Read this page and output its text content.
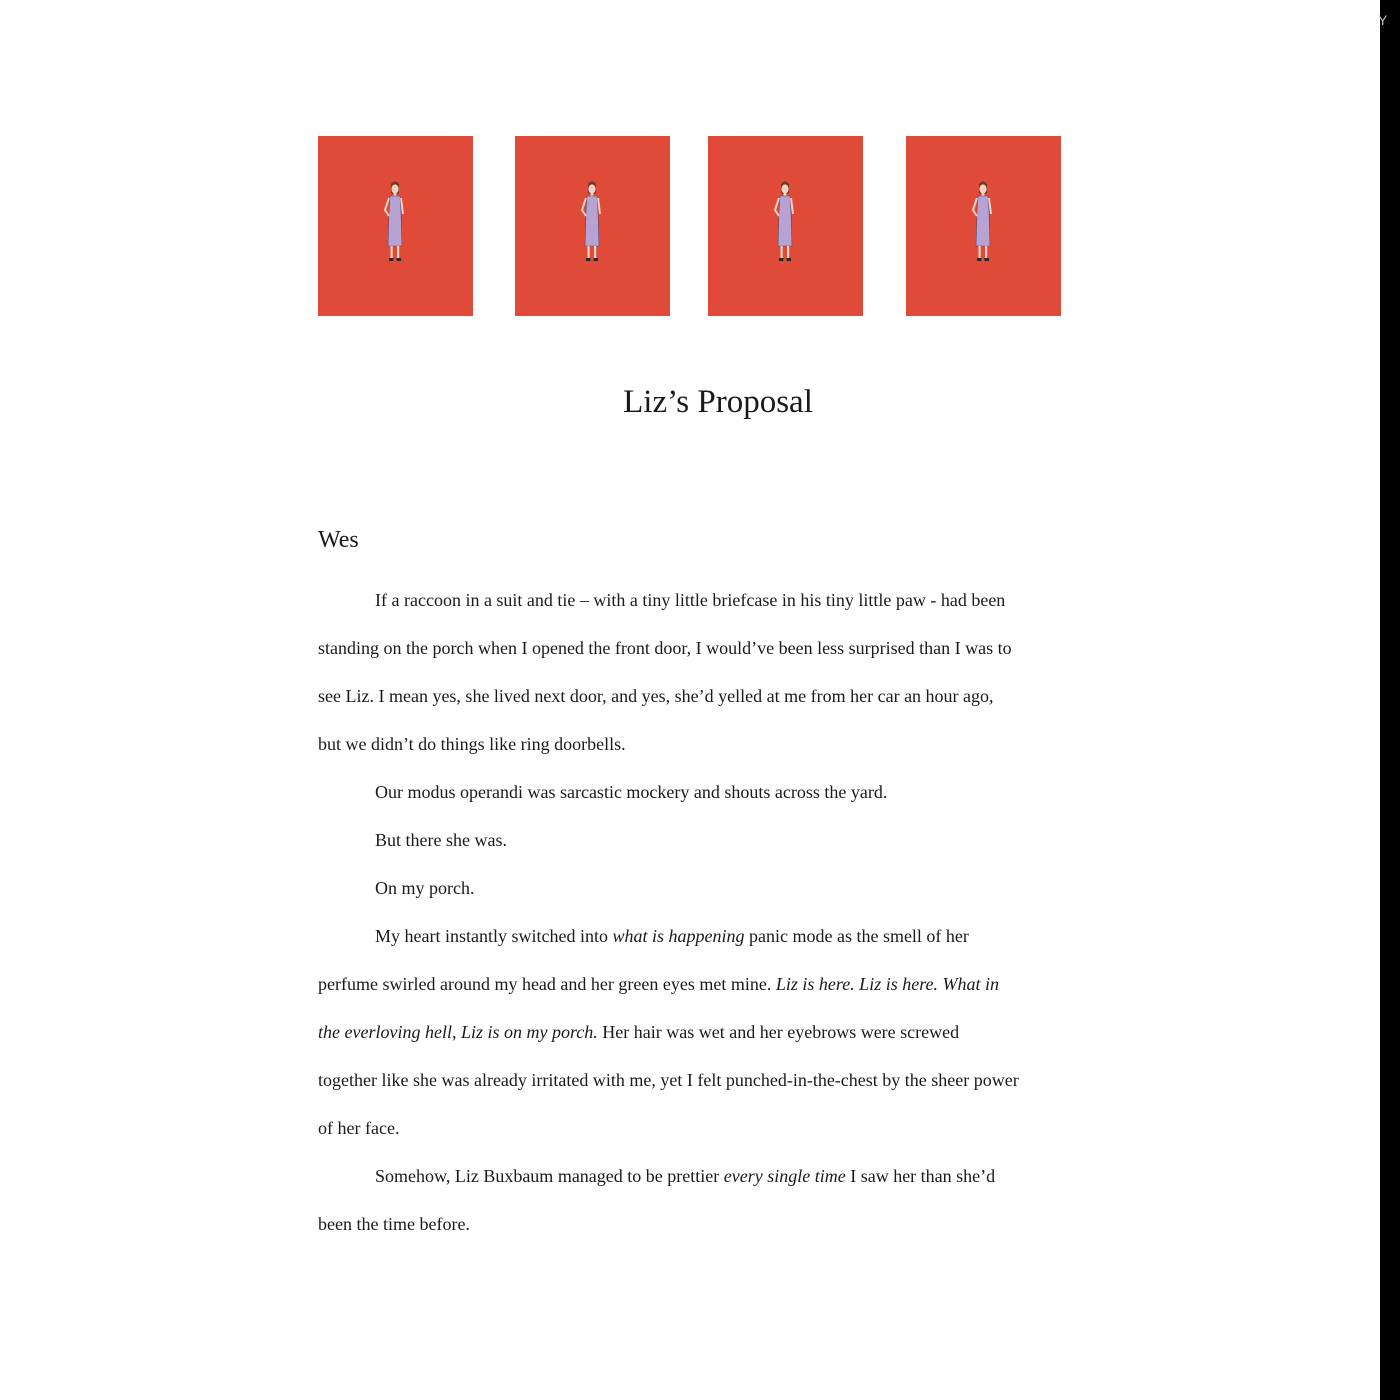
Y
Liz’s Proposal
Wes

If a raccoon in a suit and tie – with a tiny little briefcase in his tiny little paw - had been
standing on the porch when I opened the front door, I would’ve been less surprised than I was to
see Liz. I mean yes, she lived next door, and yes, she’d yelled at me from her car an hour ago,
but we didn’t do things like ring doorbells.

Our modus operandi was sarcastic mockery and shouts across the yard.

But there she was.

On my porch.

My heart instantly switched into what is happening panic mode as the smell of her
perfume swirled around my head and her green eyes met mine. Liz is here. Liz is here. What in
the everloving hell, Liz is on my porch. Her hair was wet and her eyebrows were screwed
together like she was already irritated with me, yet I felt punched-in-the-chest by the sheer power
of her face.

Somehow, Liz Buxbaum managed to be prettier every single time I saw her than she’d
been the time before.
